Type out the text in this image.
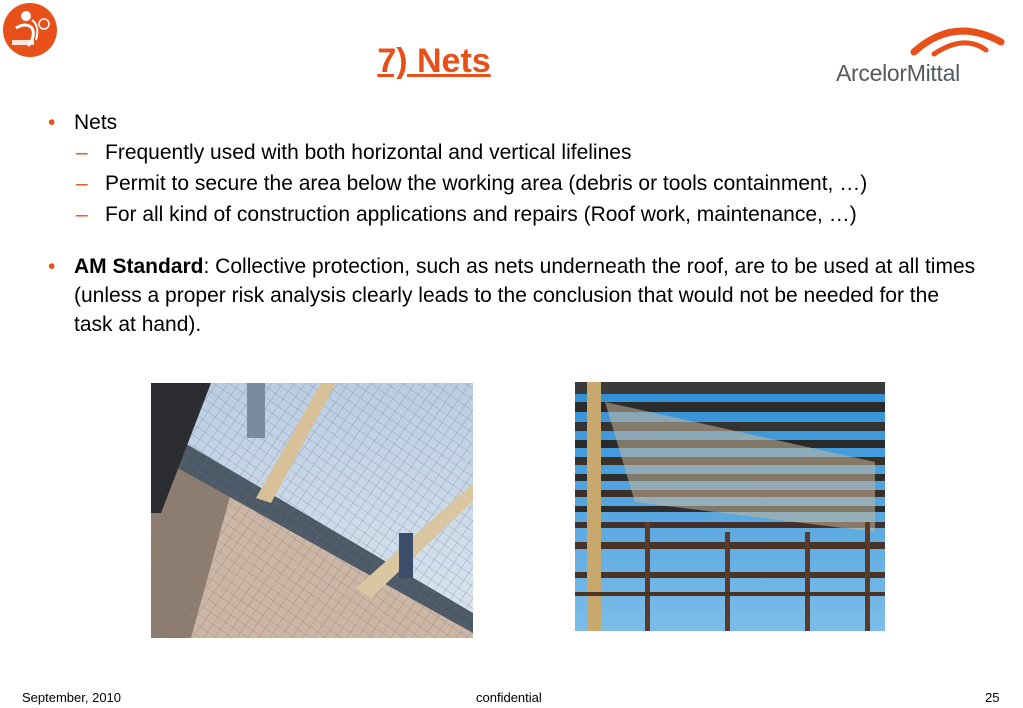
7) Nets	ArcelorMittal
• Nets
– Frequently used with both horizontal and vertical lifelines
– Permit to secure the area below the working area (debris or tools containment, …)
– For all kind of construction applications and repairs (Roof work, maintenance, …)
• AM Standard: Collective protection, such as nets underneath the roof, are to be used at all times (unless a proper risk analysis clearly leads to the conclusion that would not be needed for the task at hand).
September, 2010	confidential	25
